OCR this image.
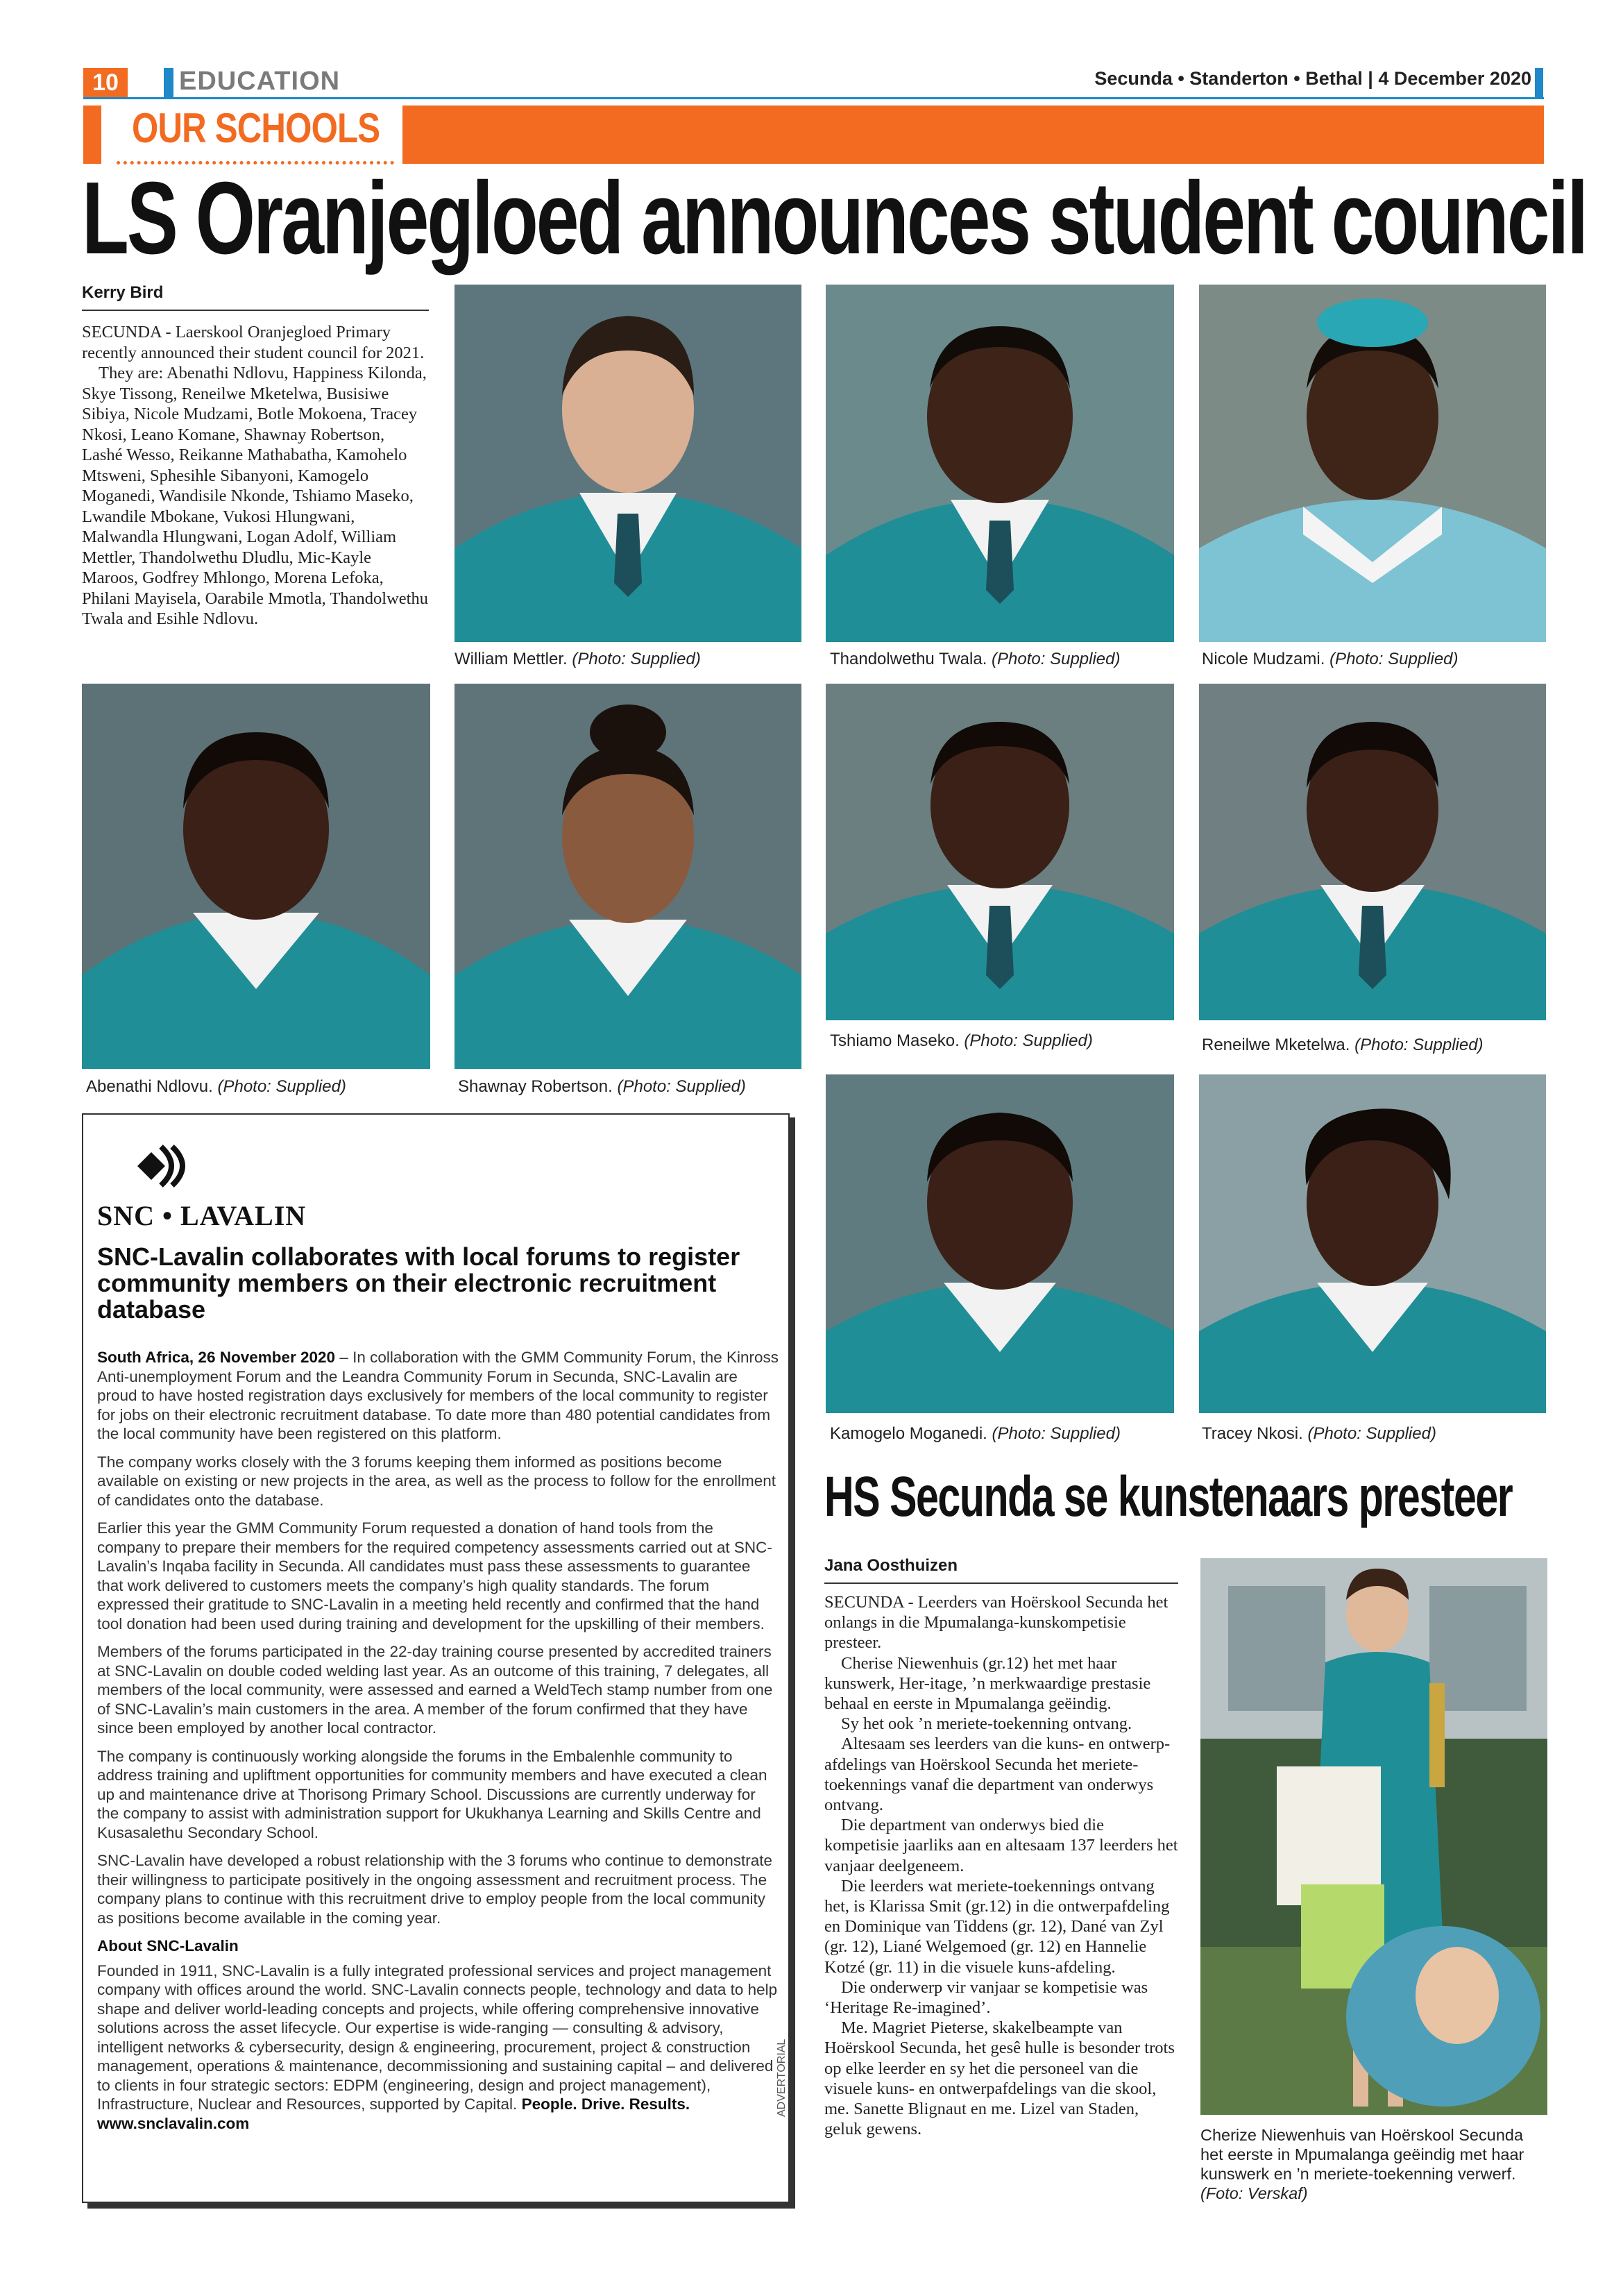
10	EDUCATION	Secunda • Standerton • Bethal | 4 December 2020
OUR SCHOOLS
LS Oranjegloed announces student council
Kerry Bird

SECUNDA - Laerskool Oranjegloed Primary recently announced their student council for 2021.

They are: Abenathi Ndlovu, Happiness Kilonda, Skye Tissong, Reneilwe Mketelwa, Busisiwe Sibiya, Nicole Mudzami, Botle Mokoena, Tracey Nkosi, Leano Komane, Shawnay Robertson, Lashé Wesso, Reikanne Mathabatha, Kamohelo Mtsweni, Sphesihle Sibanyoni, Kamogelo Moganedi, Wandisile Nkonde, Tshiamo Maseko, Lwandile Mbokane, Vukosi Hlungwani, Malwandla Hlungwani, Logan Adolf, William Mettler, Thandolwethu Dludlu, Mic-Kayle Maroos, Godfrey Mhlongo, Morena Lefoka, Philani Mayisela, Oarabile Mmotla, Thandolwethu Twala and Esihle Ndlovu.

William Mettler. (Photo: Supplied)	Thandolwethu Twala. (Photo: Supplied)	Nicole Mudzami. (Photo: Supplied)
Abenathi Ndlovu. (Photo: Supplied)	Shawnay Robertson. (Photo: Supplied)
Tshiamo Maseko. (Photo: Supplied)	Reneilwe Mketelwa. (Photo: Supplied)
Kamogelo Moganedi. (Photo: Supplied)	Tracey Nkosi. (Photo: Supplied)
SNC • LAVALIN
SNC-Lavalin collaborates with local forums to register community members on their electronic recruitment database

South Africa, 26 November 2020 – In collaboration with the GMM Community Forum, the Kinross Anti-unemployment Forum and the Leandra Community Forum in Secunda, SNC-Lavalin are proud to have hosted registration days exclusively for members of the local community to register for jobs on their electronic recruitment database. To date more than 480 potential candidates from the local community have been registered on this platform.

The company works closely with the 3 forums keeping them informed as positions become available on existing or new projects in the area, as well as the process to follow for the enrollment of candidates onto the database.

Earlier this year the GMM Community Forum requested a donation of hand tools from the company to prepare their members for the required competency assessments carried out at SNC-Lavalin’s Inqaba facility in Secunda. All candidates must pass these assessments to guarantee that work delivered to customers meets the company’s high quality standards. The forum expressed their gratitude to SNC-Lavalin in a meeting held recently and confirmed that the hand tool donation had been used during training and development for the upskilling of their members.

Members of the forums participated in the 22-day training course presented by accredited trainers at SNC-Lavalin on double coded welding last year. As an outcome of this training, 7 delegates, all members of the local community, were assessed and earned a WeldTech stamp number from one of SNC-Lavalin’s main customers in the area. A member of the forum confirmed that they have since been employed by another local contractor.

The company is continuously working alongside the forums in the Embalenhle community to address training and upliftment opportunities for community members and have executed a clean up and maintenance drive at Thorisong Primary School. Discussions are currently underway for the company to assist with administration support for Ukukhanya Learning and Skills Centre and Kusasalethu Secondary School.

SNC-Lavalin have developed a robust relationship with the 3 forums who continue to demonstrate their willingness to participate positively in the ongoing assessment and recruitment process. The company plans to continue with this recruitment drive to employ people from the local community as positions become available in the coming year.

About SNC-Lavalin

Founded in 1911, SNC-Lavalin is a fully integrated professional services and project management company with offices around the world. SNC-Lavalin connects people, technology and data to help shape and deliver world-leading concepts and projects, while offering comprehensive innovative solutions across the asset lifecycle. Our expertise is wide-ranging — consulting & advisory, intelligent networks & cybersecurity, design & engineering, procurement, project & construction management, operations & maintenance, decommissioning and sustaining capital – and delivered to clients in four strategic sectors: EDPM (engineering, design and project management), Infrastructure, Nuclear and Resources, supported by Capital. People. Drive. Results. www.snclavalin.com

ADVERTORIAL
HS Secunda se kunstenaars presteer
Jana Oosthuizen

SECUNDA - Leerders van Hoërskool Secunda het onlangs in die Mpumalanga-kunskompetisie presteer.

Cherise Niewenhuis (gr.12) het met haar kunswerk, Her-itage, ’n merkwaardige prestasie behaal en eerste in Mpumalanga geëindig.

Sy het ook ’n meriete-toekenning ontvang.

Altesaam ses leerders van die kuns- en ontwerp-afdelings van Hoërskool Secunda het meriete-toekennings vanaf die department van onderwys ontvang.

Die department van onderwys bied die kompetisie jaarliks aan en altesaam 137 leerders het vanjaar deelgeneem.

Die leerders wat meriete-toekennings ontvang het, is Klarissa Smit (gr.12) in die ontwerpafdeling en Dominique van Tiddens (gr. 12), Dané van Zyl (gr. 12), Liané Welgemoed (gr. 12) en Hannelie Kotzé (gr. 11) in die visuele kuns-afdeling.

Die onderwerp vir vanjaar se kompetisie was ‘Heritage Re-imagined’.

Me. Magriet Pieterse, skakelbeampte van Hoërskool Secunda, het gesê hulle is besonder trots op elke leerder en sy het die personeel van die visuele kuns- en ontwerpafdelings van die skool, me. Sanette Blignaut en me. Lizel van Staden, geluk gewens.	Cherize Niewenhuis van Hoërskool Secunda het eerste in Mpumalanga geëindig met haar kunswerk en ’n meriete-toekenning verwerf.
(Foto: Verskaf)
